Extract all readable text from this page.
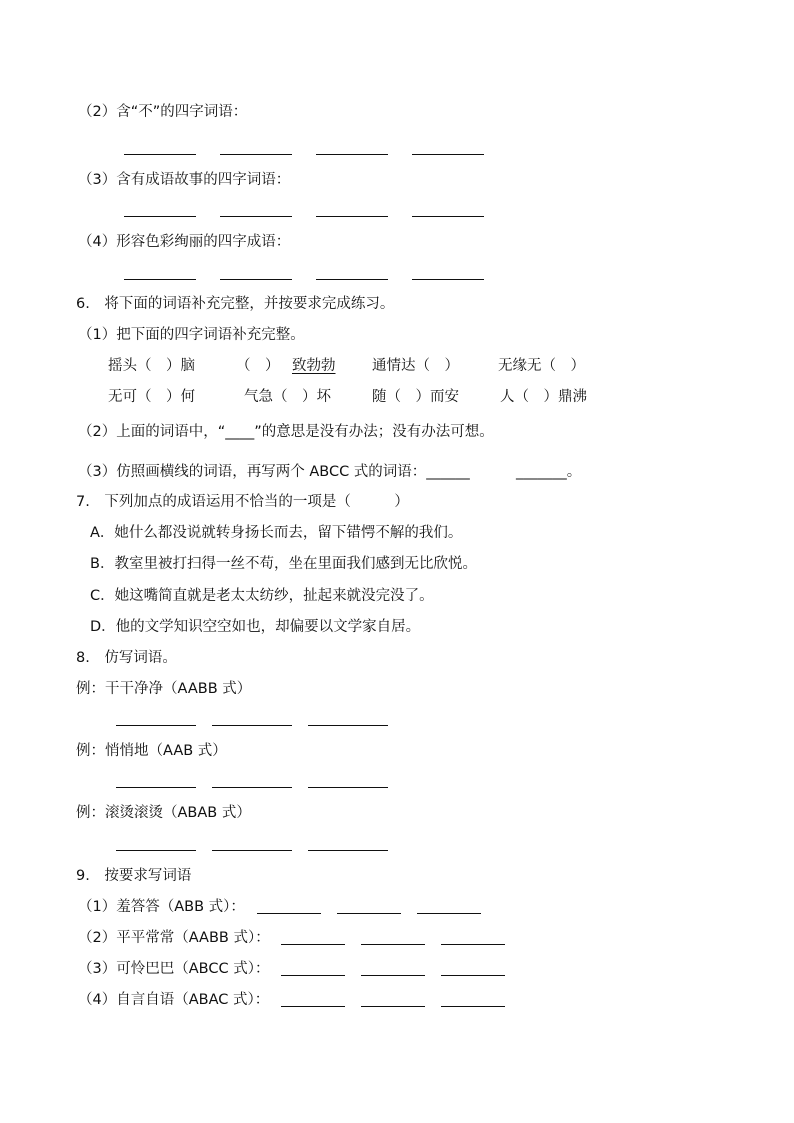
（2）含“不”的四字词语：
（3）含有成语故事的四字词语：
（4）形容色彩绚丽的四字成语：
6.　将下面的词语补充完整，并按要求完成练习。
（1）把下面的四字词语补充完整。
摇头（　）脑	（　） 致勃勃	通情达（　）	无缘无（　）
无可（　）何	气急（　）坏	随（　）而安	人（　）鼎沸
（2）上面的词语中，“____”的意思是没有办法；没有办法可想。
（3）仿照画横线的词语，再写两个 ABCC 式的词语：______	_______。
7.　下列加点的成语运用不恰当的一项是（　　　）
A．她什么都没说就转身扬长而去，留下错愕不解的我们。
B．教室里被打扫得一丝不苟，坐在里面我们感到无比欣悦。
C．她这嘴简直就是老太太纺纱，扯起来就没完没了。
D．他的文学知识空空如也，却偏要以文学家自居。
8.　仿写词语。
例：干干净净（AABB 式）
例：悄悄地（AAB 式）
例：滚烫滚烫（ABAB 式）
9.　按要求写词语
（1）羞答答（ABB 式）：
（2）平平常常（AABB 式）：
（3）可怜巴巴（ABCC 式）：
（4）自言自语（ABAC 式）：
